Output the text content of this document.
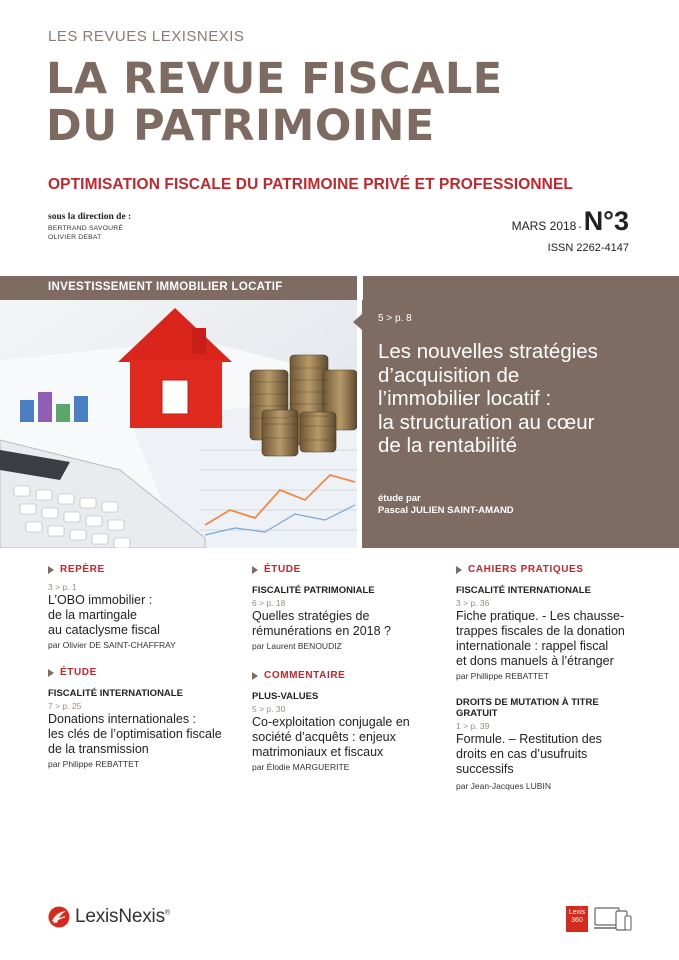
LES REVUES LEXISNEXIS
LA REVUE FISCALE
DU PATRIMOINE
OPTIMISATION FISCALE DU PATRIMOINE PRIVÉ ET PROFESSIONNEL
sous la direction de :
BERTRAND SAVOURÉ
OLIVIER DEBAT
MARS 2018 -N°3
ISSN 2262-4147
INVESTISSEMENT IMMOBILIER LOCATIF
5 > p. 8
Les nouvelles stratégies
d’acquisition de
l’immobilier locatif :
la structuration au cœur
de la rentabilité
étude par
Pascal JULIEN SAINT-AMAND
REPÈRE
3 > p. 1
L’OBO immobilier :
de la martingale
au cataclysme fiscal
par Olivier DE SAINT-CHAFFRAY
ÉTUDE
FISCALITÉ INTERNATIONALE
7 > p. 25
Donations internationales :
les clés de l’optimisation fiscale
de la transmission
par Philippe REBATTET
ÉTUDE
FISCALITÉ PATRIMONIALE
6 > p. 18
Quelles stratégies de
rémunérations en 2018 ?
par Laurent BENOUDIZ
COMMENTAIRE
PLUS-VALUES
5 > p. 30
Co-exploitation conjugale en
société d’acquêts : enjeux
matrimoniaux et fiscaux
par Élodie MARGUERITE
CAHIERS PRATIQUES
FISCALITÉ INTERNATIONALE
3 > p. 36
Fiche pratique. - Les chausse-
trappes fiscales de la donation
internationale : rappel fiscal
et dons manuels à l’étranger
par Phillippe REBATTET
DROITS DE MUTATION À TITRE
GRATUIT
1 > p. 39
Formule. – Restitution des
droits en cas d’usufruits
successifs
par Jean-Jacques LUBIN
LexisNexis®	Lexis
360
